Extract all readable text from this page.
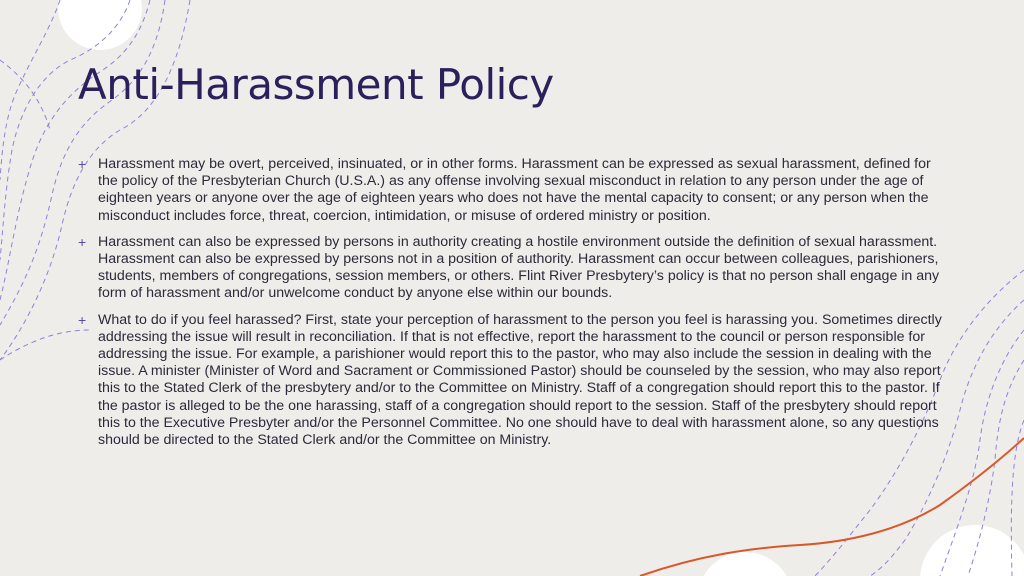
Anti-Harassment Policy
+ Harassment may be overt, perceived, insinuated, or in other forms. Harassment can be expressed as sexual harassment, defined for the policy of the Presbyterian Church (U.S.A.) as any offense involving sexual misconduct in relation to any person under the age of eighteen years or anyone over the age of eighteen years who does not have the mental capacity to consent; or any person when the misconduct includes force, threat, coercion, intimidation, or misuse of ordered ministry or position.
+ Harassment can also be expressed by persons in authority creating a hostile environment outside the definition of sexual harassment. Harassment can also be expressed by persons not in a position of authority. Harassment can occur between colleagues, parishioners, students, members of congregations, session members, or others. Flint River Presbytery’s policy is that no person shall engage in any form of harassment and/or unwelcome conduct by anyone else within our bounds.
+ What to do if you feel harassed? First, state your perception of harassment to the person you feel is harassing you. Sometimes directly addressing the issue will result in reconciliation. If that is not effective, report the harassment to the council or person responsible for addressing the issue. For example, a parishioner would report this to the pastor, who may also include the session in dealing with the issue. A minister (Minister of Word and Sacrament or Commissioned Pastor) should be counseled by the session, who may also report this to the Stated Clerk of the presbytery and/or to the Committee on Ministry. Staff of a congregation should report this to the pastor. If the pastor is alleged to be the one harassing, staff of a congregation should report to the session. Staff of the presbytery should report this to the Executive Presbyter and/or the Personnel Committee. No one should have to deal with harassment alone, so any questions should be directed to the Stated Clerk and/or the Committee on Ministry.
